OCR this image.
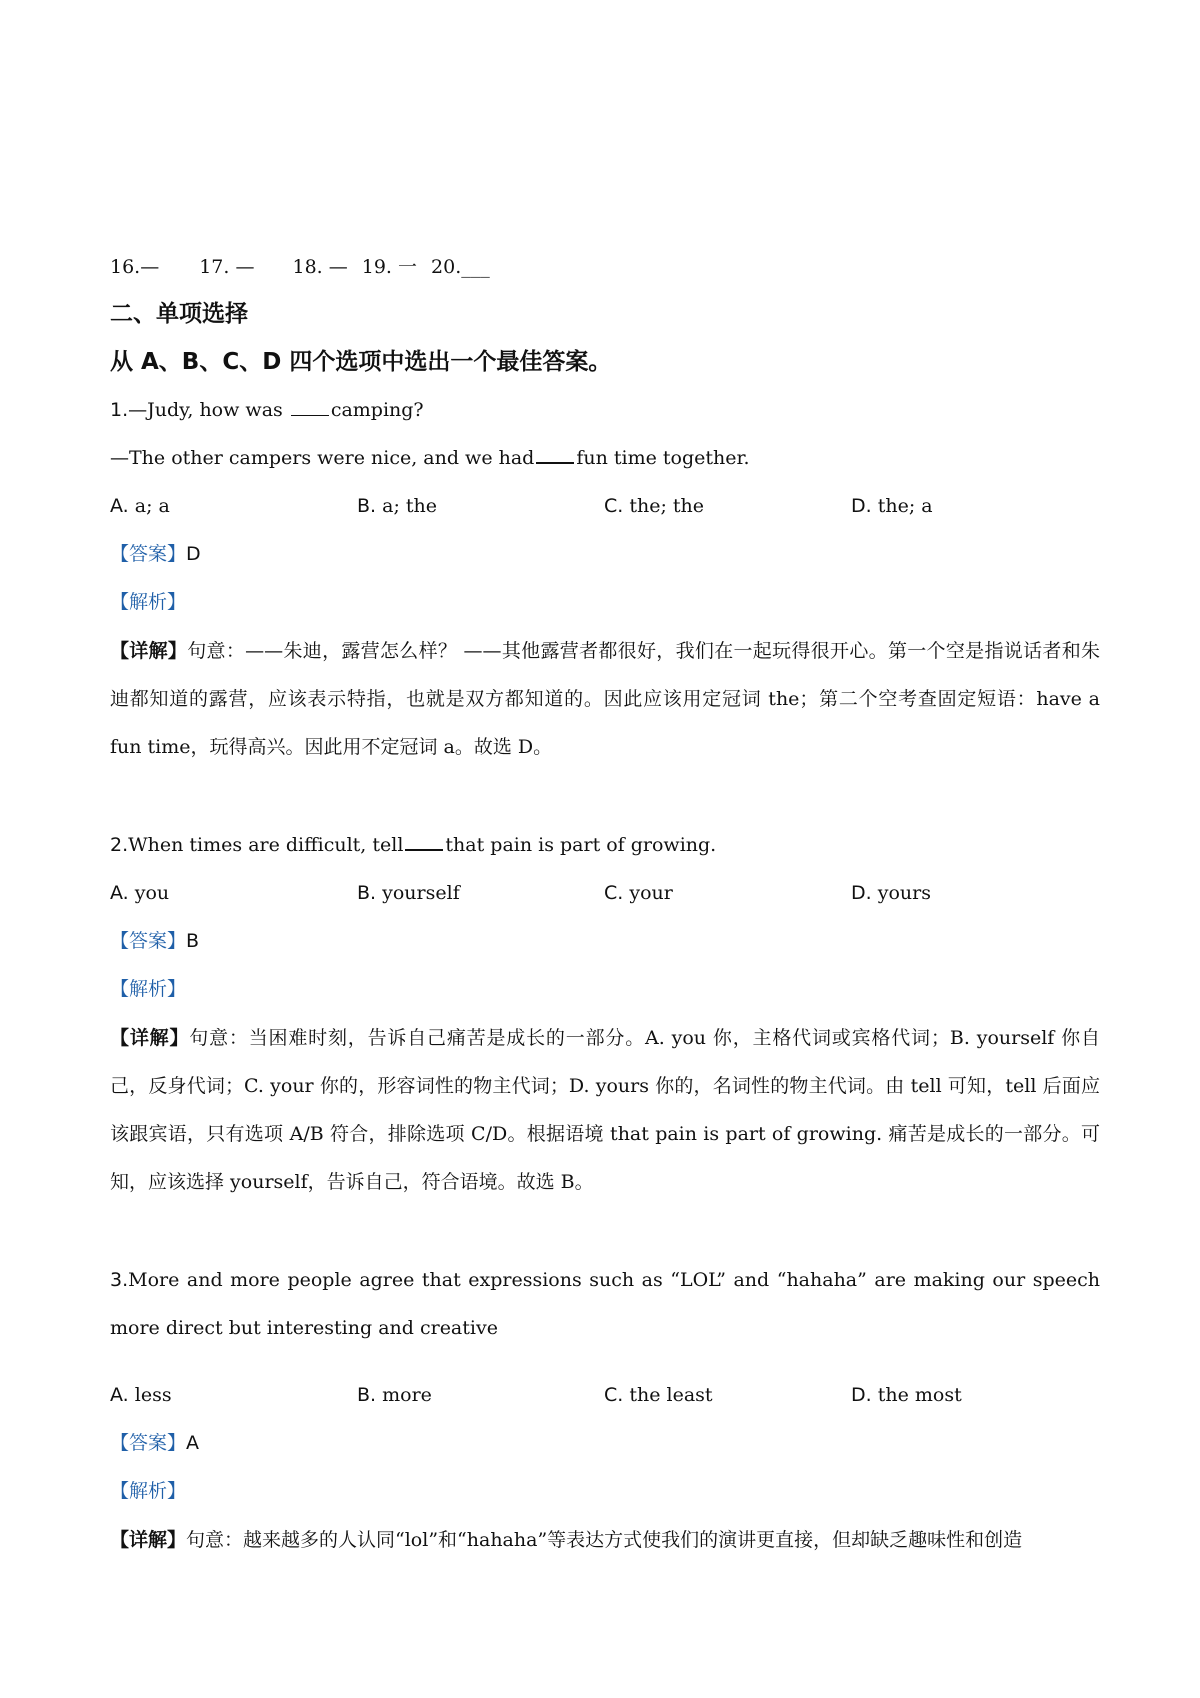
16.— 17. — 18. — 19. 一 20.___
二、单项选择
从 A、B、C、D 四个选项中选出一个最佳答案。
1.—Judy, how was camping?
—The other campers were nice, and we had fun time together.
A. a; a	B. a; the	C. the; the	D. the; a
【答案】D
【解析】
【详解】句意：——朱迪，露营怎么样？ ——其他露营者都很好，我们在一起玩得很开心。第一个空是指说话者和朱迪都知道的露营，应该表示特指，也就是双方都知道的。因此应该用定冠词 the；第二个空考查固定短语：have a fun time，玩得高兴。因此用不定冠词 a。故选 D。
2.When times are difficult, tell that pain is part of growing.
A. you	B. yourself	C. your	D. yours
【答案】B
【解析】
【详解】句意：当困难时刻，告诉自己痛苦是成长的一部分。A. you 你，主格代词或宾格代词；B. yourself 你自己，反身代词；C. your 你的，形容词性的物主代词；D. yours 你的，名词性的物主代词。由 tell 可知，tell 后面应该跟宾语，只有选项 A/B 符合，排除选项 C/D。根据语境 that pain is part of growing. 痛苦是成长的一部分。可知，应该选择 yourself，告诉自己，符合语境。故选 B。
3.More and more people agree that expressions such as “LOL” and “hahaha” are making our speech more direct but interesting and creative
A. less	B. more	C. the least	D. the most
【答案】A
【解析】
【详解】句意：越来越多的人认同“lol”和“hahaha”等表达方式使我们的演讲更直接，但却缺乏趣味性和创造
